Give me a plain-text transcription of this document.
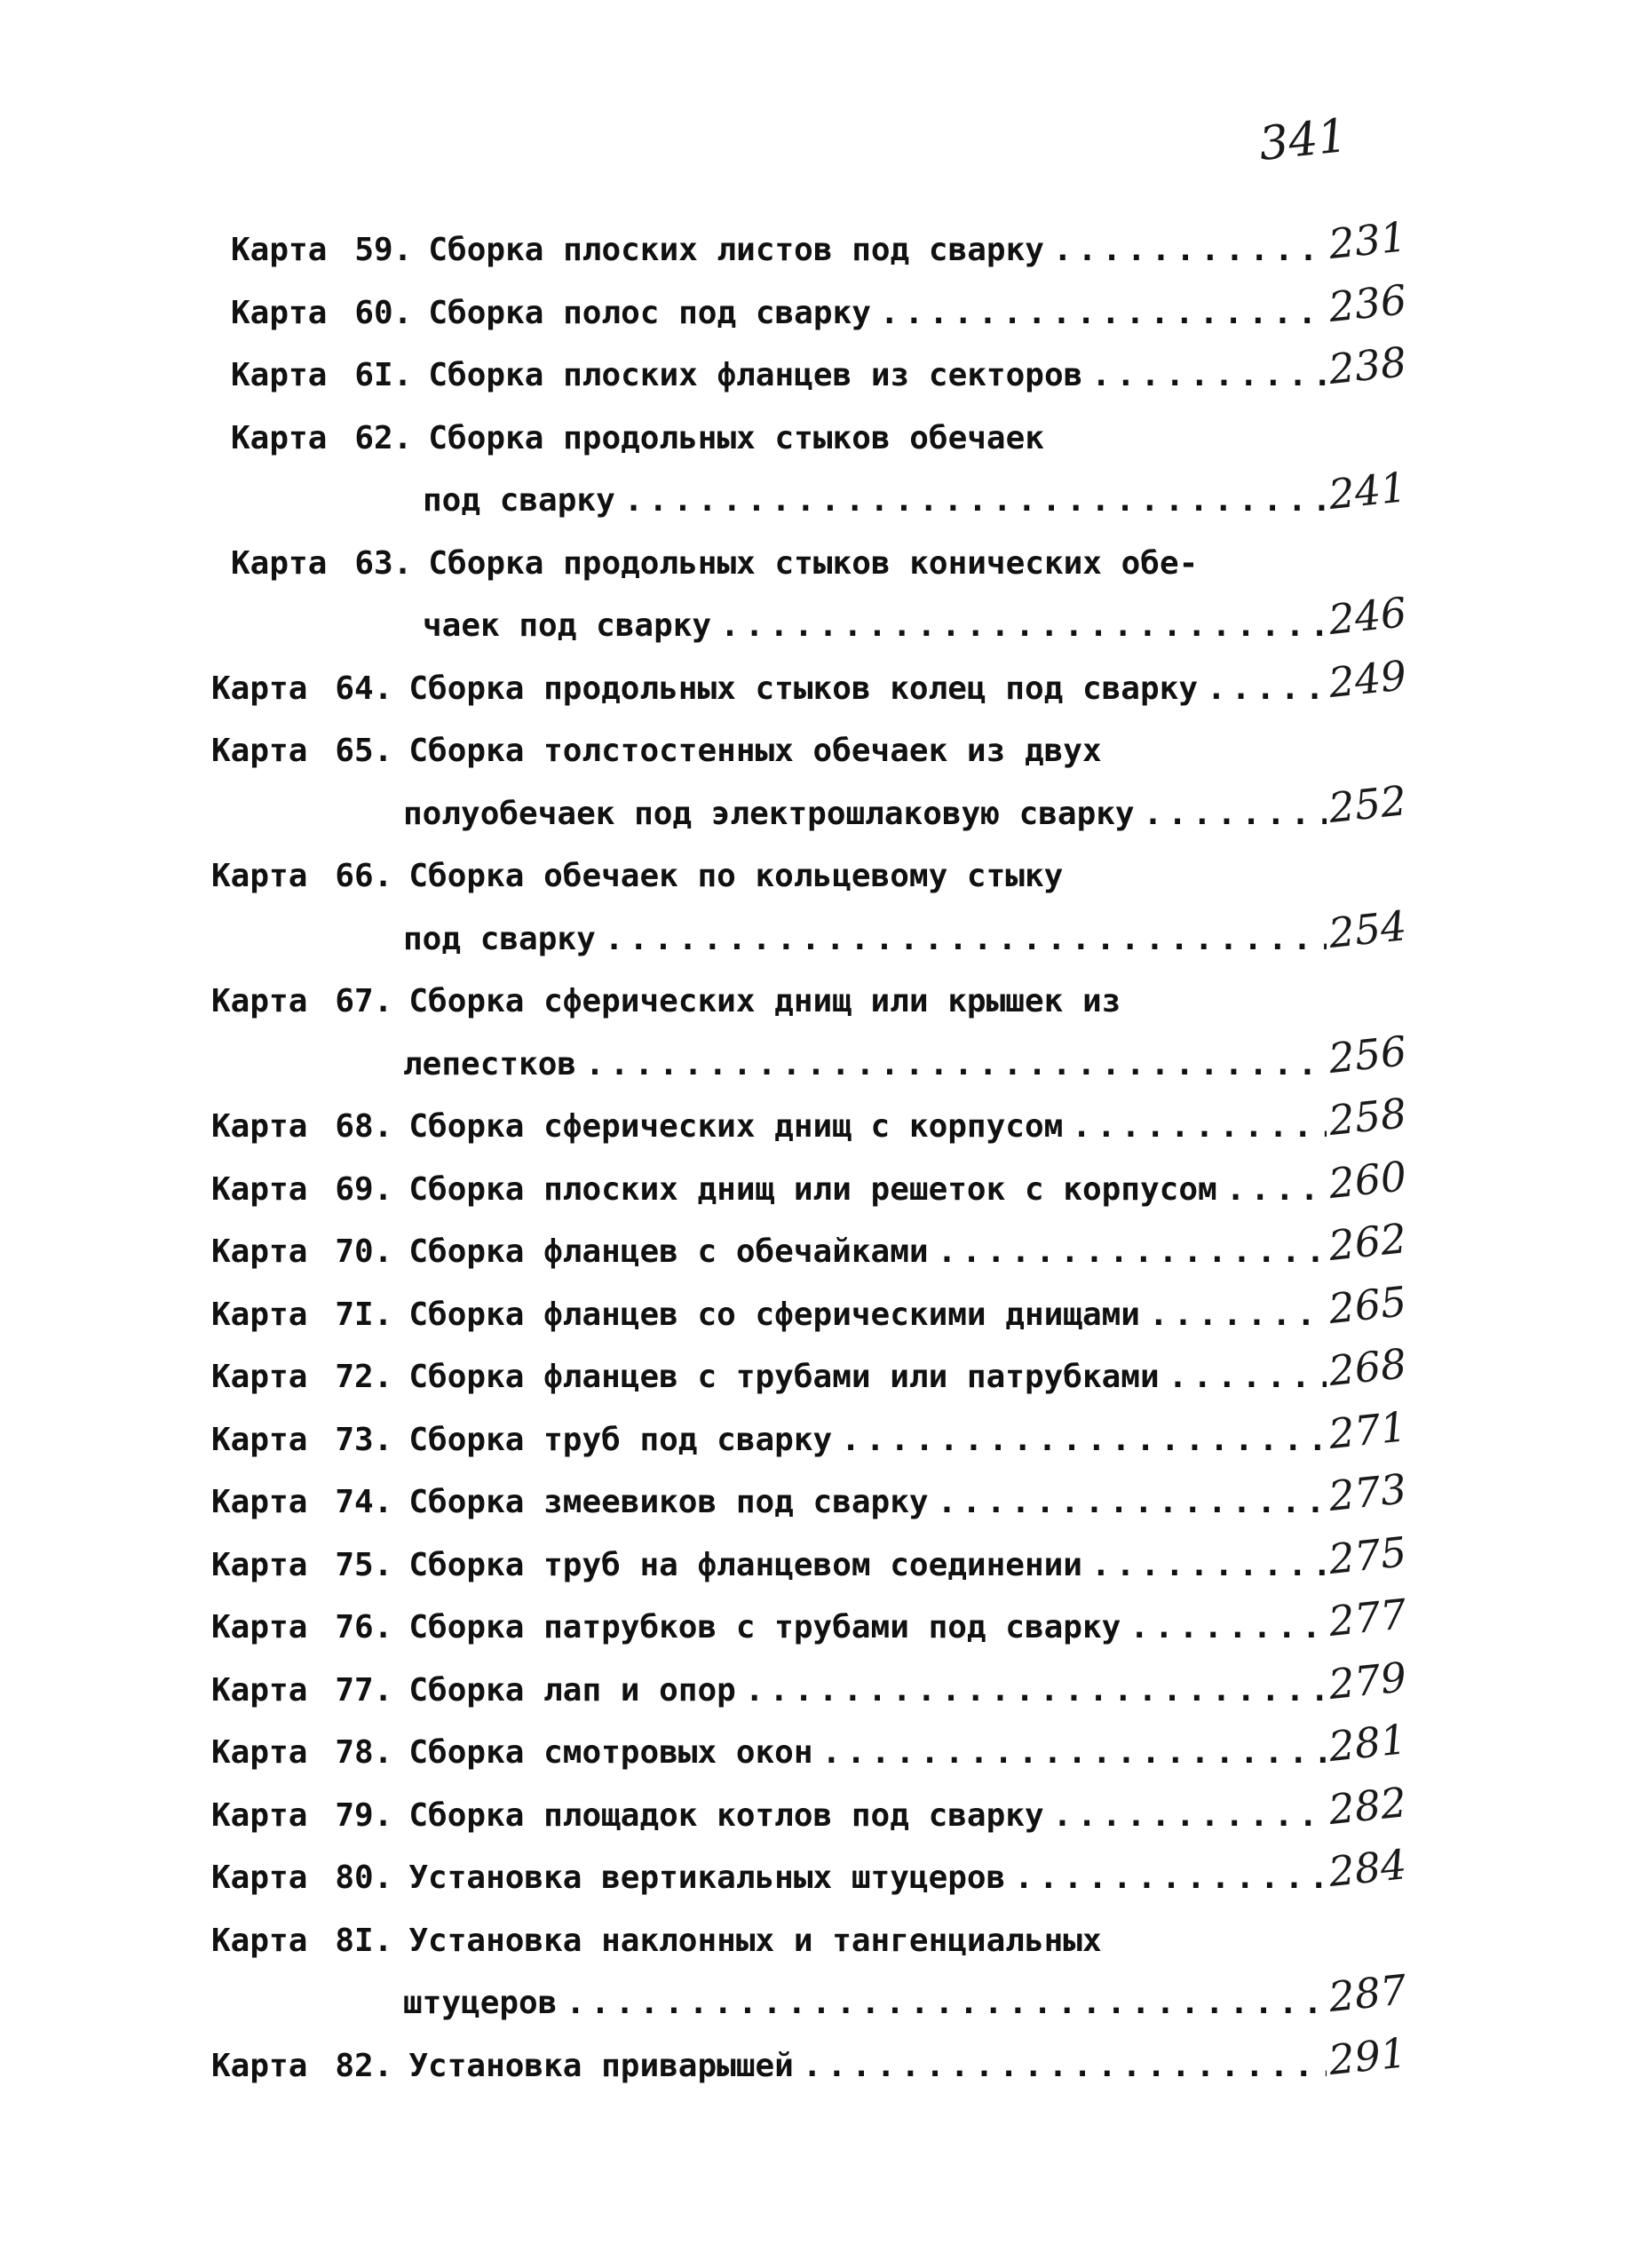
341
Карта 59. Сборка плоских листов под сварку .....	231
Карта 60. Сборка полос под сварку .....	236
Карта 6I. Сборка плоских фланцев из секторов .....	238
Карта 62. Сборка продольных стыков обечаек
под сварку .....	241
Карта 63. Сборка продольных стыков конических обе-
чаек под сварку .....	246
Карта 64. Сборка продольных стыков колец под сварку .....	249
Карта 65. Сборка толстостенных обечаек из двух
полуобечаек под электрошлаковую сварку .....	252
Карта 66. Сборка обечаек по кольцевому стыку
под сварку .....	254
Карта 67. Сборка сферических днищ или крышек из
лепестков .....	256
Карта 68. Сборка сферических днищ с корпусом .....	258
Карта 69. Сборка плоских днищ или решеток с корпусом .....	260
Карта 70. Сборка фланцев с обечайками .....	262
Карта 7I. Сборка фланцев со сферическими днищами .....	265
Карта 72. Сборка фланцев с трубами или патрубками .....	268
Карта 73. Сборка труб под сварку .....	271
Карта 74. Сборка змеевиков под сварку .....	273
Карта 75. Сборка труб на фланцевом соединении .....	275
Карта 76. Сборка патрубков с трубами под сварку .....	277
Карта 77. Сборка лап и опор .....	279
Карта 78. Сборка смотровых окон .....	281
Карта 79. Сборка площадок котлов под сварку .....	282
Карта 80. Установка вертикальных штуцеров .....	284
Карта 8I. Установка наклонных и тангенциальных
штуцеров .....	287
Карта 82. Установка приварышей .....	291
